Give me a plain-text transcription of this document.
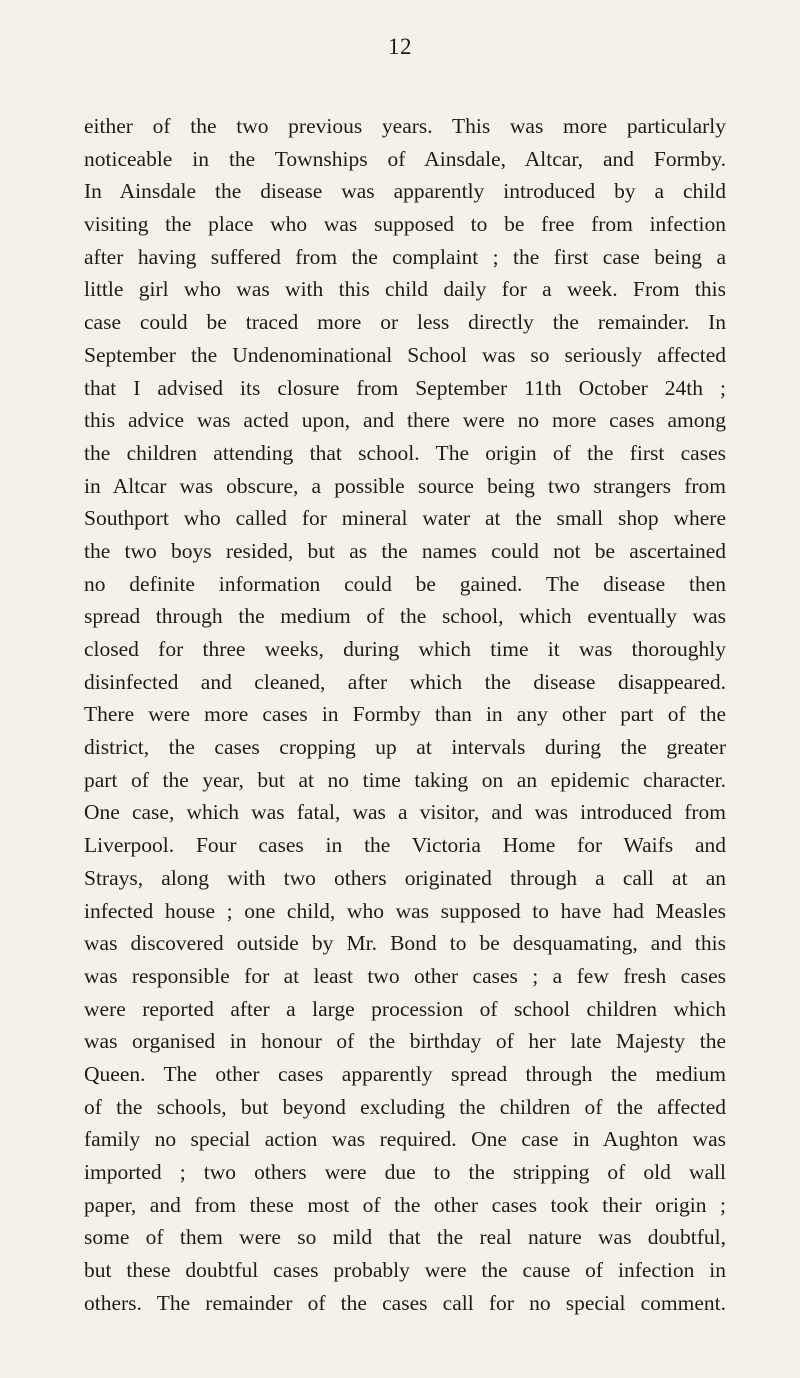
12
either of the two previous years. This was more particularly
noticeable in the Townships of Ainsdale, Altcar, and Formby.
In Ainsdale the disease was apparently introduced by a child
visiting the place who was supposed to be free from infection
after having suffered from the complaint ; the first case being a
little girl who was with this child daily for a week. From this
case could be traced more or less directly the remainder. In
September the Undenominational School was so seriously affected
that I advised its closure from September 11th October 24th ;
this advice was acted upon, and there were no more cases among
the children attending that school. The origin of the first cases
in Altcar was obscure, a possible source being two strangers from
Southport who called for mineral water at the small shop where
the two boys resided, but as the names could not be ascertained
no definite information could be gained. The disease then
spread through the medium of the school, which eventually was
closed for three weeks, during which time it was thoroughly
disinfected and cleaned, after which the disease disappeared.
There were more cases in Formby than in any other part of the
district, the cases cropping up at intervals during the greater
part of the year, but at no time taking on an epidemic character.
One case, which was fatal, was a visitor, and was introduced from
Liverpool. Four cases in the Victoria Home for Waifs and
Strays, along with two others originated through a call at an
infected house ; one child, who was supposed to have had Measles
was discovered outside by Mr. Bond to be desquamating, and this
was responsible for at least two other cases ; a few fresh cases
were reported after a large procession of school children which
was organised in honour of the birthday of her late Majesty the
Queen. The other cases apparently spread through the medium
of the schools, but beyond excluding the children of the affected
family no special action was required. One case in Aughton was
imported ; two others were due to the stripping of old wall
paper, and from these most of the other cases took their origin ;
some of them were so mild that the real nature was doubtful,
but these doubtful cases probably were the cause of infection in
others. The remainder of the cases call for no special comment.
